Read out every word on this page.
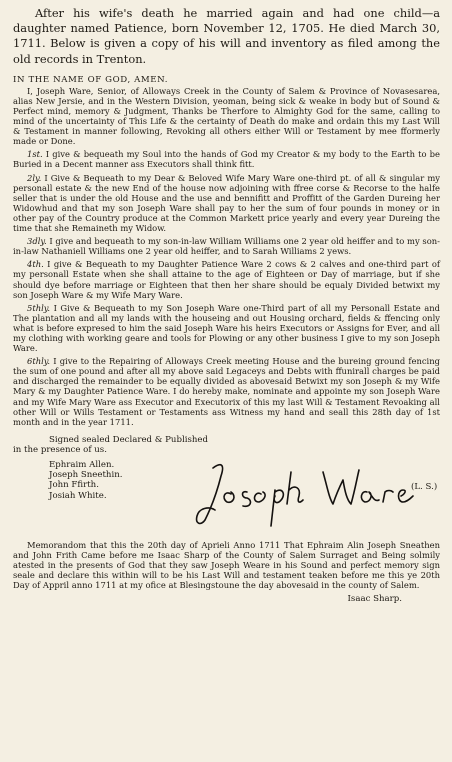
After his wife's death he married again and had one child—a daughter named Patience, born November 12, 1705. He died March 30, 1711. Below is given a copy of his will and inventory as filed among the old records in Trenton.

IN THE NAME OF GOD, AMEN.

I, Joseph Ware, Senior, of Alloways Creek in the County of Salem & Province of Novasesarea, alias New Jersie, and in the Western Division, yeoman, being sick & weake in body but of Sound & Perfect mind, memory & Judgment, Thanks be Therfore to Almighty God for the same, calling to mind of the uncertainty of This Life & the certainty of Death do make and ordain this my Last Will & Testament in manner following, Revoking all others either Will or Testament by mee fformerly made or Done.

1st. I give & bequeath my Soul into the hands of God my Creator & my body to the Earth to be Buried in a Decent manner ass Executors shall think fitt.

2ly. I Give & Bequeath to my Dear & Beloved Wife Mary Ware one-third pt. of all & singular my personall estate & the new End of the house now adjoining with ffree corse & Recorse to the halfe seller that is under the old House and the use and bennifitt and Proffitt of the Garden Dureing her Widowhud and that my son Joseph Ware shall pay to her the sum of four pounds in money or in other pay of the Country produce at the Common Markett price yearly and every year Dureing the time that she Remaineth my Widow.

3dly. I give and bequeath to my son-in-law William Williams one 2 year old heiffer and to my son-in-law Nathaniell Williams one 2 year old heiffer, and to Sarah Williams 2 yews.

4th. I give & Bequeath to my Daughter Patience Ware 2 cows & 2 calves and one-third part of my personall Estate when she shall attaine to the age of Eighteen or Day of marriage, but if she should dye before marriage or Eighteen that then her share should be equaly Divided betwixt my son Joseph Ware & my Wife Mary Ware.

5thly. I Give & Bequeath to my Son Joseph Ware one-Third part of all my Personall Estate and The plantation and all my lands with the houseing and out Housing orchard, fields & ffencing only what is before expresed to him the said Joseph Ware his heirs Executors or Assigns for Ever, and all my clothing with working geare and tools for Plowing or any other business I give to my son Joseph Ware.

6thly. I give to the Repairing of Alloways Creek meeting House and the bureing ground fencing the sum of one pound and after all my above said Legaceys and Debts with ffunirall charges be paid and discharged the remainder to be equally divided as abovesaid Betwixt my son Joseph & my Wife Mary & my Daughter Patience Ware. I do hereby make, nominate and appointe my son Joseph Ware and my Wife Mary Ware ass Executor and Executorix of this my last Will & Testament Revoaking all other Will or Wills Testament or Testaments ass Witness my hand and seall this 28th day of 1st month and in the year 1711.

Signed sealed Declared & Published

in the presence of us.

Ephraim Allen.
Joseph Sneethin.
John Ffirth.
Josiah White.
(L. S.)

Memorandom that this the 20th day of Aprieli Anno 1711 That Ephraim Alin Joseph Sneathen and John Frith Came before me Isaac Sharp of the County of Salem Surraget and Being solmily atested in the presents of God that they saw Joseph Weare in his Sound and perfect memory sign seale and declare this within will to be his Last Will and testament teaken before me this ye 20th Day of Appril anno 1711 at my ofice at Blesingstoune the day abovesaid in the county of Salem.

Isaac Sharp.
